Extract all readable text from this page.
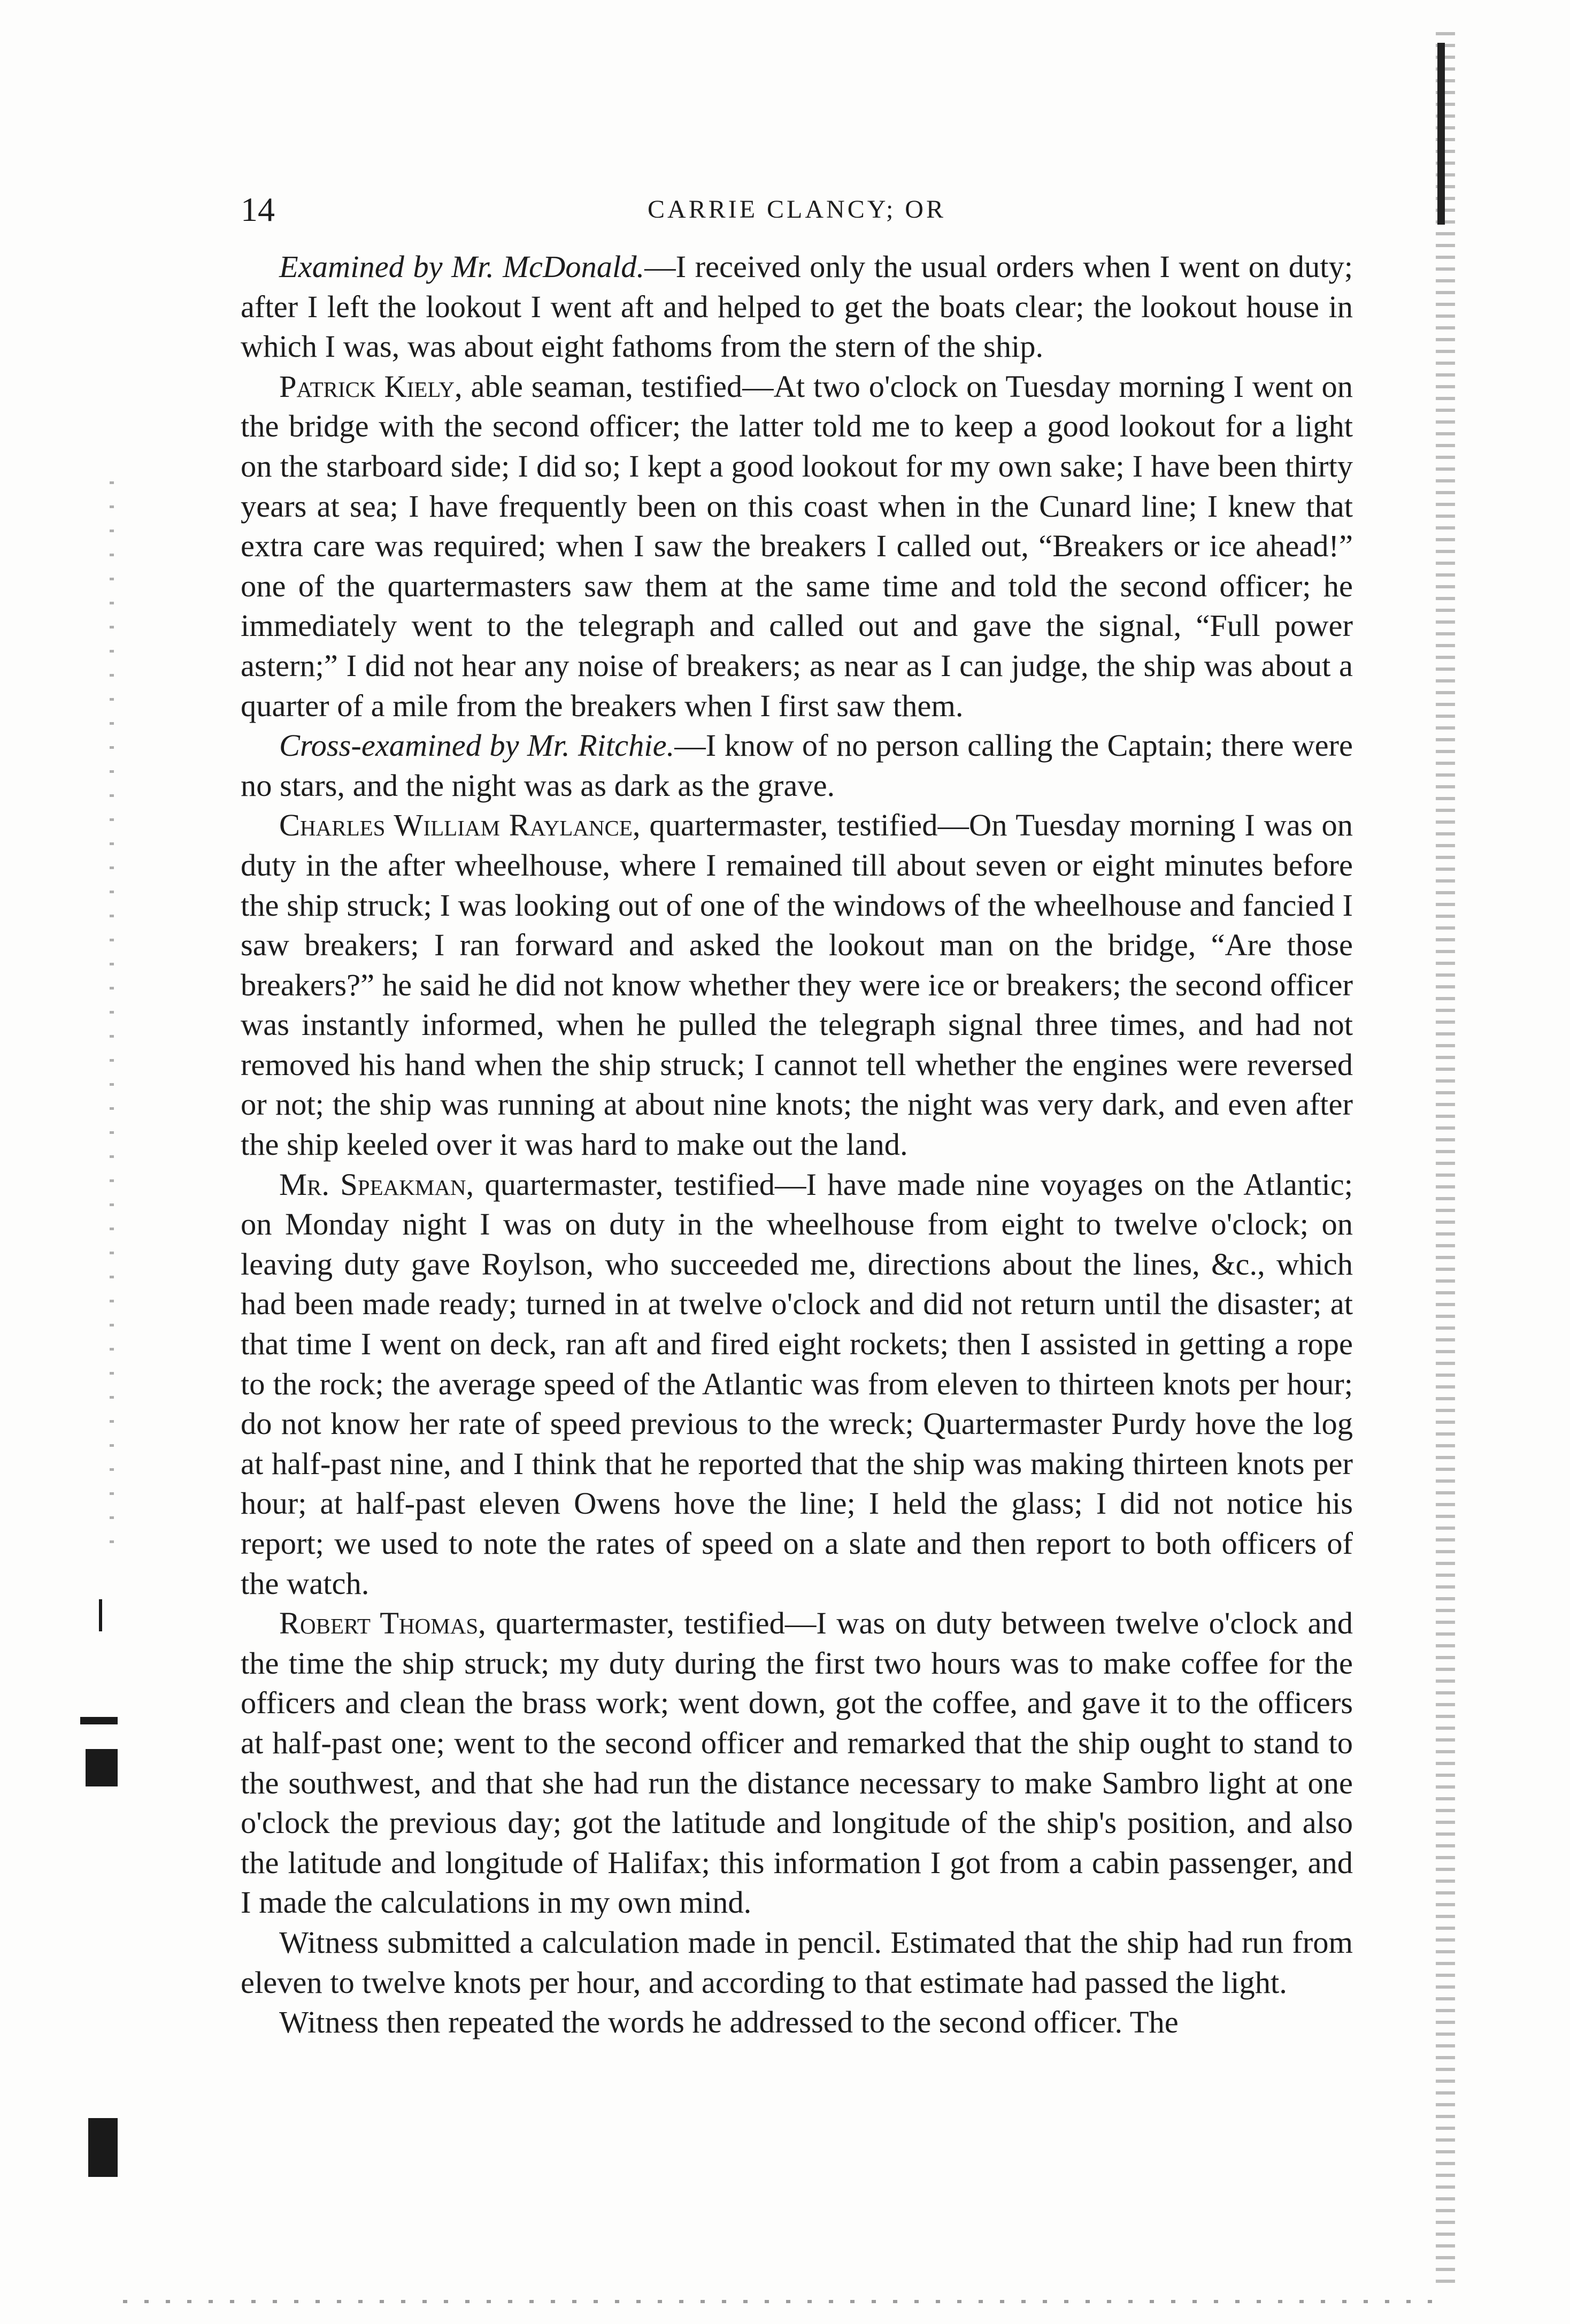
14	CARRIE CLANCY; OR

Examined by Mr. McDonald.—I received only the usual orders when I went on duty; after I left the lookout I went aft and helped to get the boats clear; the lookout house in which I was, was about eight fathoms from the stern of the ship.

Patrick Kiely, able seaman, testified—At two o'clock on Tuesday morning I went on the bridge with the second officer; the latter told me to keep a good lookout for a light on the starboard side; I did so; I kept a good lookout for my own sake; I have been thirty years at sea; I have frequently been on this coast when in the Cunard line; I knew that extra care was required; when I saw the breakers I called out, “Breakers or ice ahead!” one of the quartermasters saw them at the same time and told the second officer; he immediately went to the telegraph and called out and gave the signal, “Full power astern;” I did not hear any noise of breakers; as near as I can judge, the ship was about a quarter of a mile from the breakers when I first saw them.

Cross-examined by Mr. Ritchie.—I know of no person calling the Captain; there were no stars, and the night was as dark as the grave.

Charles William Raylance, quartermaster, testified—On Tuesday morning I was on duty in the after wheelhouse, where I remained till about seven or eight minutes before the ship struck; I was looking out of one of the windows of the wheelhouse and fancied I saw breakers; I ran forward and asked the lookout man on the bridge, “Are those breakers?” he said he did not know whether they were ice or breakers; the second officer was instantly informed, when he pulled the telegraph signal three times, and had not removed his hand when the ship struck; I cannot tell whether the engines were reversed or not; the ship was running at about nine knots; the night was very dark, and even after the ship keeled over it was hard to make out the land.

Mr. Speakman, quartermaster, testified—I have made nine voyages on the Atlantic; on Monday night I was on duty in the wheelhouse from eight to twelve o'clock; on leaving duty gave Roylson, who succeeded me, directions about the lines, &c., which had been made ready; turned in at twelve o'clock and did not return until the disaster; at that time I went on deck, ran aft and fired eight rockets; then I assisted in getting a rope to the rock; the average speed of the Atlantic was from eleven to thirteen knots per hour; do not know her rate of speed previous to the wreck; Quartermaster Purdy hove the log at half-past nine, and I think that he reported that the ship was making thirteen knots per hour; at half-past eleven Owens hove the line; I held the glass; I did not notice his report; we used to note the rates of speed on a slate and then report to both officers of the watch.

Robert Thomas, quartermaster, testified—I was on duty between twelve o'clock and the time the ship struck; my duty during the first two hours was to make coffee for the officers and clean the brass work; went down, got the coffee, and gave it to the officers at half-past one; went to the second officer and remarked that the ship ought to stand to the southwest, and that she had run the distance necessary to make Sambro light at one o'clock the previous day; got the latitude and longitude of the ship's position, and also the latitude and longitude of Halifax; this information I got from a cabin passenger, and I made the calculations in my own mind.

Witness submitted a calculation made in pencil. Estimated that the ship had run from eleven to twelve knots per hour, and according to that estimate had passed the light.

Witness then repeated the words he addressed to the second officer. The
